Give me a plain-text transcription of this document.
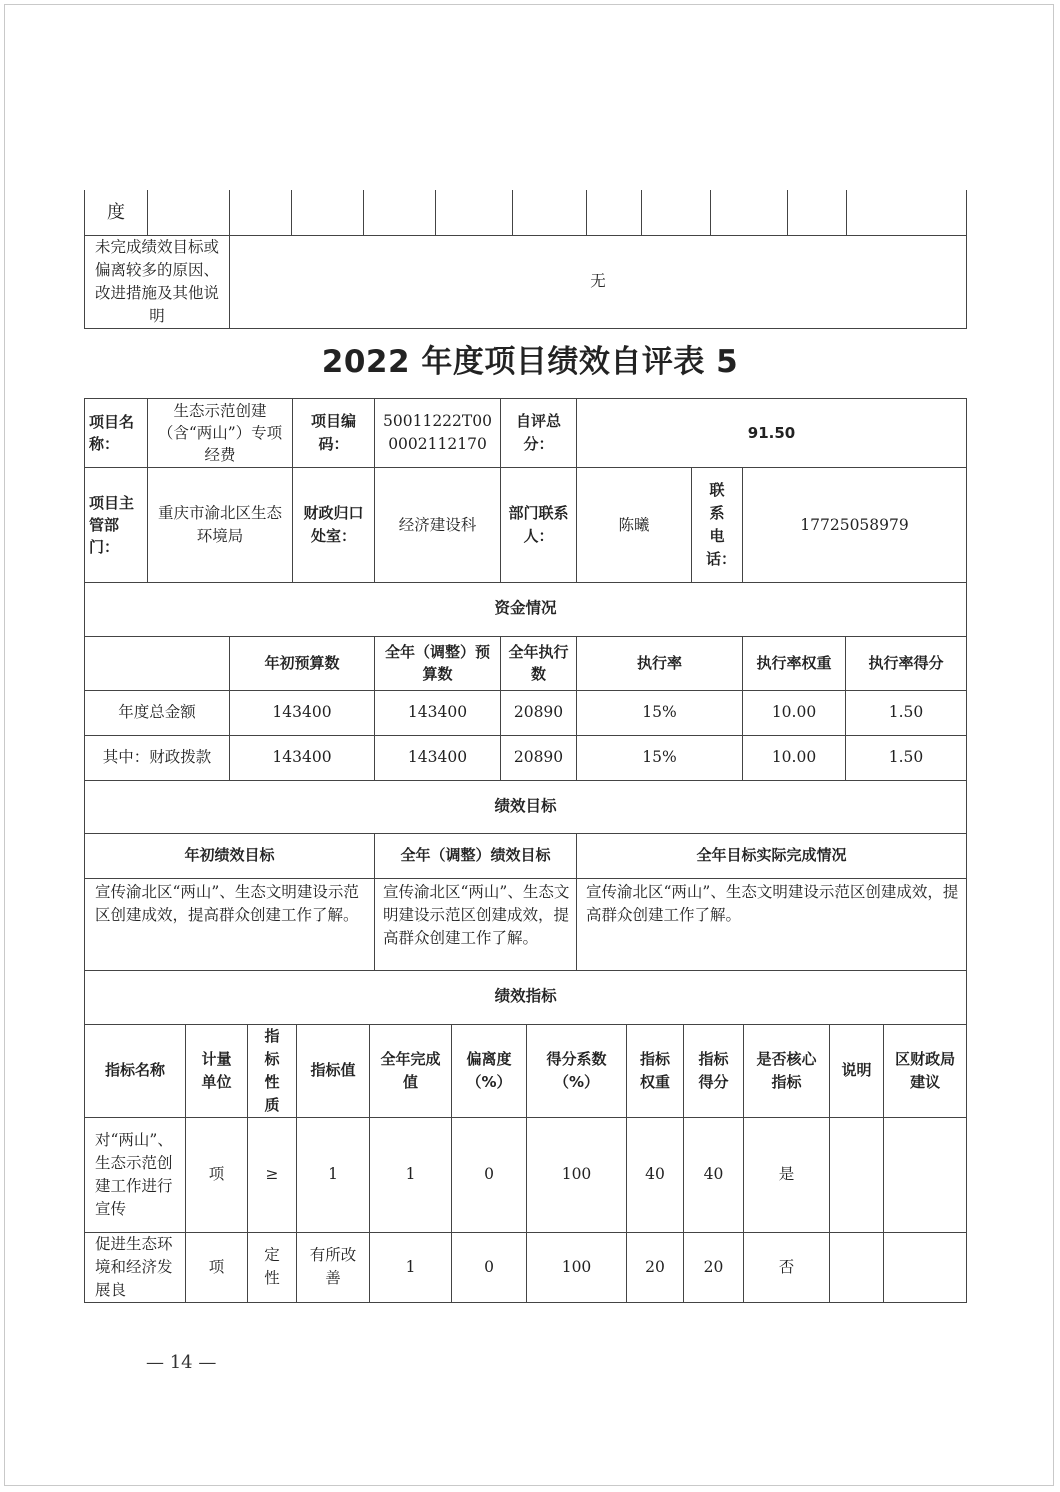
度											
未完成绩效目标或偏离较多的原因、改进措施及其他说明		无									
2022 年度项目绩效自评表 5
项目名称：	生态示范创建（含“两山”）专项经费	项目编码：	50011222T000002112170	自评总分：	91.50		
项目主管部门：	重庆市渝北区生态环境局	财政归口处室：	经济建设科	部门联系人：	陈曦	联系电话：	17725058979
资金情况						
	年初预算数	全年（调整）预算数	全年执行数	执行率	执行率权重	执行率得分
年度总金额	143400	143400	20890	15%	10.00	1.50
其中：财政拨款	143400	143400	20890	15%	10.00	1.50
绩效目标		
年初绩效目标	全年（调整）绩效目标	全年目标实际完成情况
宣传渝北区“两山”、生态文明建设示范区创建成效，提高群众创建工作了解。	宣传渝北区“两山”、生态文明建设示范区创建成效，提高群众创建工作了解。	宣传渝北区“两山”、生态文明建设示范区创建成效，提高群众创建工作了解。
绩效指标											
指标名称	计量单位	指标性质	指标值	全年完成值	偏离度（%）	得分系数（%）	指标权重	指标得分	是否核心指标	说明	区财政局建议
对“两山”、生态示范创建工作进行宣传	项	≥	1	1	0	100	40	40	是		
促进生态环境和经济发展良	项	定性	有所改善	1	0	100	20	20	否		
— 14 —
